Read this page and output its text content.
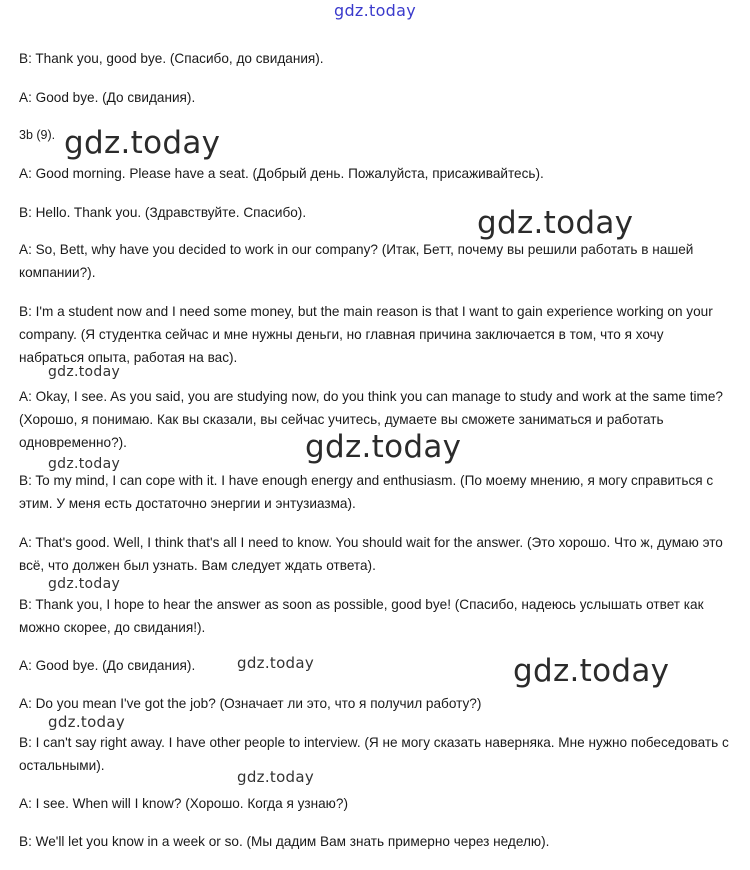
gdz.today
B: Thank you, good bye. (Спасибо, до свидания).
A: Good bye. (До свидания).
3b (9).
A: Good morning. Please have a seat. (Добрый день. Пожалуйста, присаживайтесь).
B: Hello. Thank you. (Здравствуйте. Спасибо).
A: So, Bett, why have you decided to work in our company? (Итак, Бетт, почему вы решили работать в нашей компании?).
B: I'm a student now and I need some money, but the main reason is that I want to gain experience working on your company. (Я студентка сейчас и мне нужны деньги, но главная причина заключается в том, что я хочу набраться опыта, работая на вас).
A: Okay, I see. As you said, you are studying now, do you think you can manage to study and work at the same time? (Хорошо, я понимаю. Как вы сказали, вы сейчас учитесь, думаете вы сможете заниматься и работать одновременно?).
B: To my mind, I can cope with it. I have enough energy and enthusiasm. (По моему мнению, я могу справиться с этим. У меня есть достаточно энергии и энтузиазма).
A: That's good. Well, I think that's all I need to know. You should wait for the answer. (Это хорошо. Что ж, думаю это всё, что должен был узнать. Вам следует ждать ответа).
B: Thank you, I hope to hear the answer as soon as possible, good bye! (Спасибо, надеюсь услышать ответ как можно скорее, до свидания!).
A: Good bye. (До свидания).
A: Do you mean I've got the job? (Означает ли это, что я получил работу?)
B: I can't say right away. I have other people to interview. (Я не могу сказать наверняка. Мне нужно побеседовать с остальными).
A: I see. When will I know? (Хорошо. Когда я узнаю?)
B: We'll let you know in a week or so. (Мы дадим Вам знать примерно через неделю).
gdz.today
gdz.today
gdz.today
gdz.today
gdz.today
gdz.today
gdz.today	gdz.today
gdz.today
gdz.today
